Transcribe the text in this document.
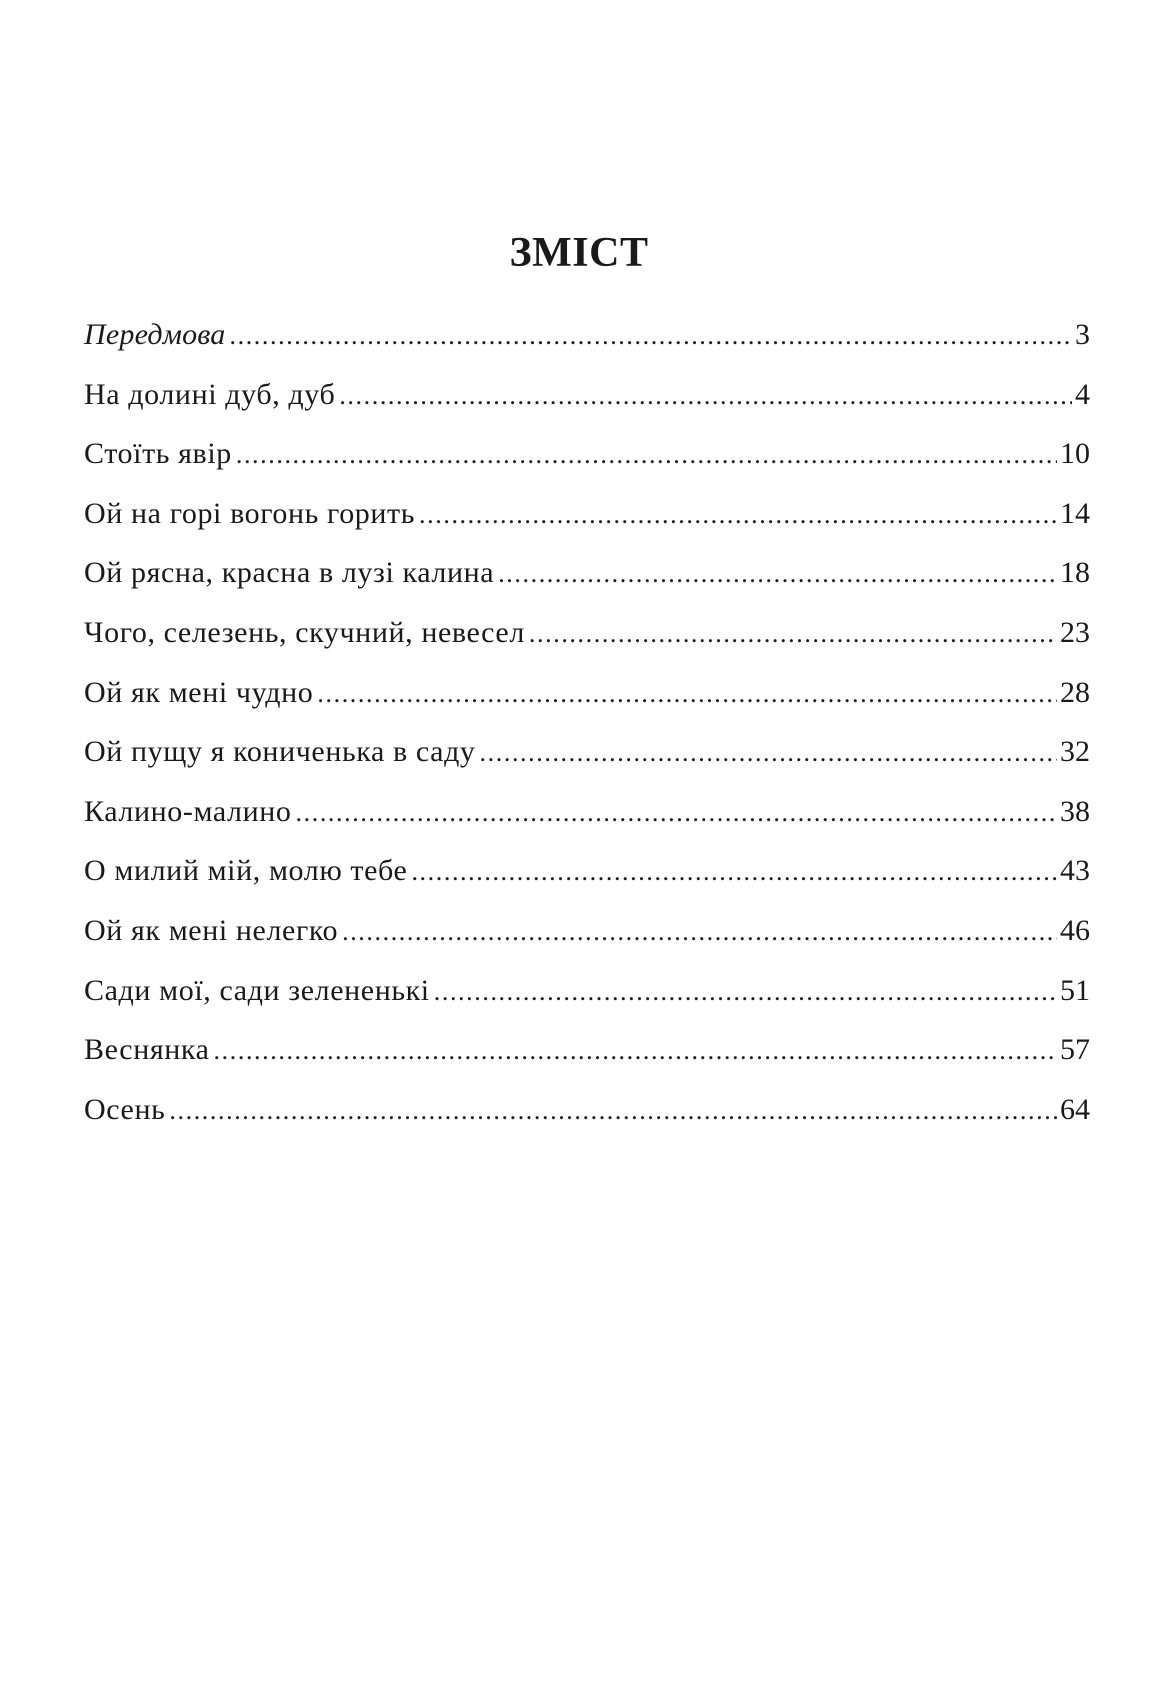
ЗМІСТ
Передмова .....	3
На долині дуб, дуб .....	4
Стоїть явір .....	10
Ой на горі вогонь горить .....	14
Ой рясна, красна в лузі калина .....	18
Чого, селезень, скучний, невесел .....	23
Ой як мені чудно .....	28
Ой пущу я кониченька в саду .....	32
Калино-малино .....	38
О милий мій, молю тебе .....	43
Ой як мені нелегко .....	46
Сади мої, сади зелененькі .....	51
Веснянка .....	57
Осень .....	64
